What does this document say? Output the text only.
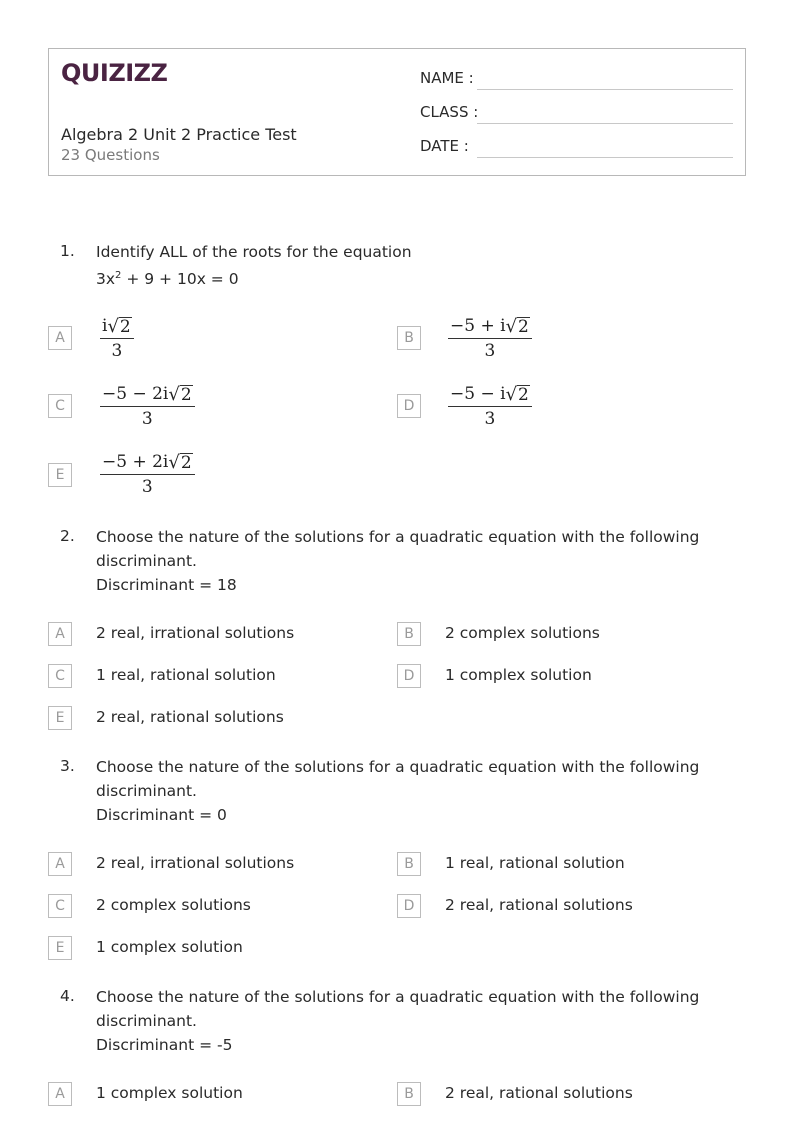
QUIZIZZ
Algebra 2 Unit 2 Practice Test
23 Questions
NAME :
CLASS :
DATE :
1. Identify ALL of the roots for the equation
$3x^2 + 9 + 10x = 0$
A	$\frac{i √ 2}{3}$	B	$\frac{-5 + i √ 2}{3}$
C	$\frac{-5 - 2i √ 2}{3}$	D	$\frac{-5 - i √ 2}{3}$
E	$\frac{-5 + 2i √ 2}{3}$
2. Choose the nature of the solutions for a quadratic equation with the following
discriminant.
Discriminant = 18
A	2 real, irrational solutions	B	2 complex solutions
C	1 real, rational solution	D	1 complex solution
E	2 real, rational solutions
3. Choose the nature of the solutions for a quadratic equation with the following
discriminant.
Discriminant = 0
A	2 real, irrational solutions	B	1 real, rational solution
C	2 complex solutions	D	2 real, rational solutions
E	1 complex solution
4. Choose the nature of the solutions for a quadratic equation with the following
discriminant.
Discriminant = -5
A	1 complex solution	B	2 real, rational solutions
